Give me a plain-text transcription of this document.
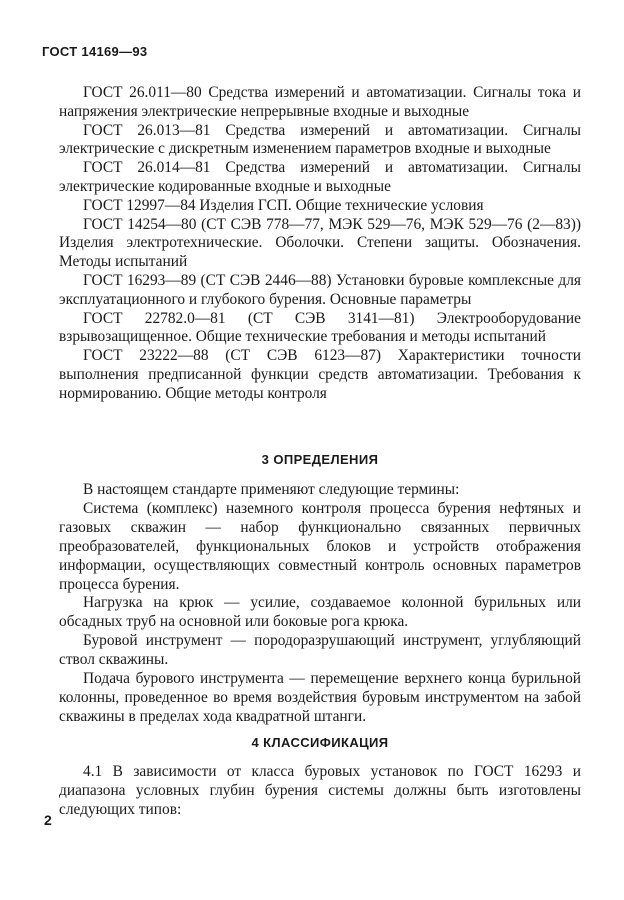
ГОСТ 14169—93

ГОСТ 26.011—80 Средства измерений и автоматизации. Сигналы тока и напряжения электрические непрерывные входные и выходные

ГОСТ 26.013—81 Средства измерений и автоматизации. Сигналы электрические с дискретным изменением параметров входные и выходные

ГОСТ 26.014—81 Средства измерений и автоматизации. Сигналы электрические кодированные входные и выходные

ГОСТ 12997—84 Изделия ГСП. Общие технические условия

ГОСТ 14254—80 (СТ СЭВ 778—77, МЭК 529—76, МЭК 529—76 (2—83)) Изделия электротехнические. Оболочки. Степени защиты. Обозначения. Методы испытаний

ГОСТ 16293—89 (СТ СЭВ 2446—88) Установки буровые комплексные для эксплуатационного и глубокого бурения. Основные параметры

ГОСТ 22782.0—81 (СТ СЭВ 3141—81) Электрооборудование взрывозащищенное. Общие технические требования и методы испытаний

ГОСТ 23222—88 (СТ СЭВ 6123—87) Характеристики точности выполнения предписанной функции средств автоматизации. Требования к нормированию. Общие методы контроля

3 ОПРЕДЕЛЕНИЯ

В настоящем стандарте применяют следующие термины:

Система (комплекс) наземного контроля процесса бурения нефтяных и газовых скважин — набор функционально связанных первичных преобразователей, функциональных блоков и устройств отображения информации, осуществляющих совместный контроль основных параметров процесса бурения.

Нагрузка на крюк — усилие, создаваемое колонной бурильных или обсадных труб на основной или боковые рога крюка.

Буровой инструмент — породоразрушающий инструмент, углубляющий ствол скважины.

Подача бурового инструмента — перемещение верхнего конца бурильной колонны, проведенное во время воздействия буровым инструментом на забой скважины в пределах хода квадратной штанги.

4 КЛАССИФИКАЦИЯ

4.1 В зависимости от класса буровых установок по ГОСТ 16293 и диапазона условных глубин бурения системы должны быть изготовлены следующих типов:

2
